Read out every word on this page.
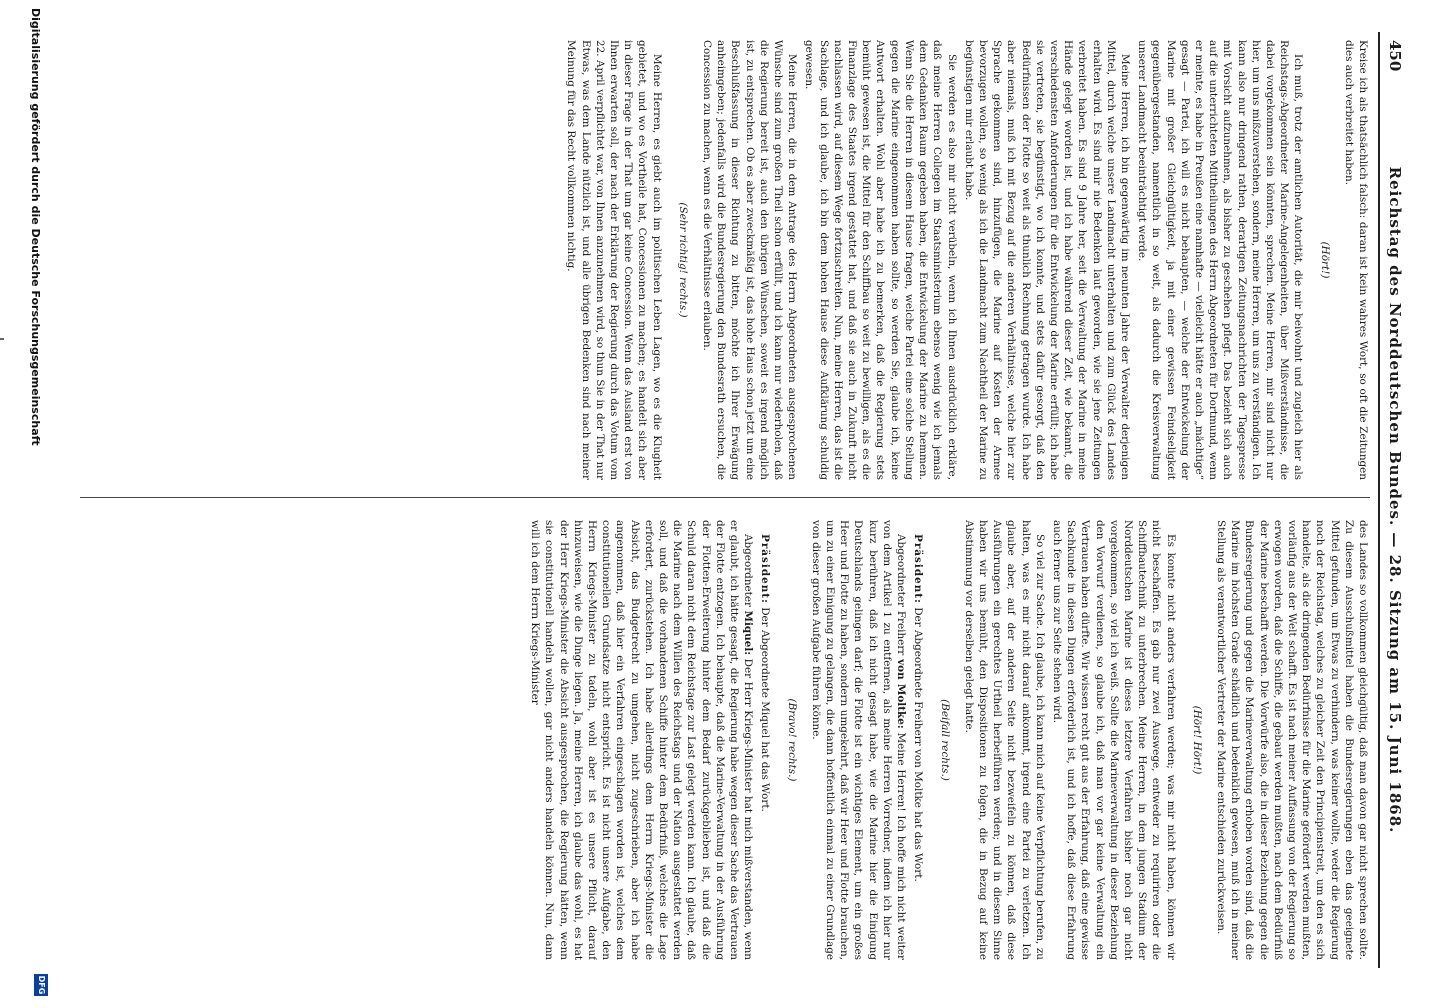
450
Reichstag des Norddeutschen Bundes. — 28. Sitzung am 15. Juni 1868.

Kreise ich als thatsächlich falsch: daran ist kein wahres Wort, so oft die Zeitungen dies auch verbreitet haben.

(Hört!)

Ich muß, trotz der amtlichen Autorität, die mir beiwohnt und zugleich hier als Reichstags-Abgeordneter Marine-Angelegenheiten, über Mißverständnisse, die dabei vorgekommen sein könnten, sprechen. Meine Herren, mir sind nicht nur hier, um uns mißzuverstehen, sondern, meine Herren, um uns zu verständigen. Ich kann also nur dringend rathen, derartigen Zeitungsnachrichten der Tagespresse mit Vorsicht aufzunehmen, als bisher zu geschehen pflegt. Das bezieht sich auch auf die unterrichteten Mittheilungen des Herrn Abgeordneten für Dortmund, wenn er meinte, es habe in Preußen eine namhafte — vielleicht hätte er auch „mächtige“ gesagt — Partei, ich will es nicht behaupten, — welche der Entwickelung der Marine mit großer Gleichgültigkeit, ja mit einer gewissen Feindseligkeit gegenübergestanden, namentlich in so weit, als dadurch die Kreisverwaltung unserer Landmacht beeinträchtigt werde.

Meine Herren, ich bin gegenwärtig im neunten Jahre der Verwalter derjenigen Mittel, durch welche unsere Landmacht unterhalten und zum Glück des Landes erhalten wird. Es sind mir nie Bedenken laut geworden, wie sie jene Zeitungen verbreitet haben. Es sind 9 Jahre her, seit die Verwaltung der Marine in meine Hände gelegt worden ist, und ich habe während dieser Zeit, wie bekannt, die verschiedensten Anforderungen für die Entwickelung der Marine erfüllt; ich habe sie vertreten, sie begünstigt, wo ich konnte, und stets dafür gesorgt, daß den Bedürfnissen der Flotte so weit als thunlich Rechnung getragen wurde. Ich habe aber niemals, muß ich mit Bezug auf die anderen Verhältnisse, welche hier zur Sprache gekommen sind, hinzufügen, die Marine auf Kosten der Armee bevorzugen wollen, so wenig als ich die Landmacht zum Nachtheil der Marine zu begünstigen mir erlaubt habe.

Sie werden es also mir nicht verübeln, wenn ich Ihnen ausdrücklich erkläre, daß meine Herren Collegen im Staatsministerium ebenso wenig wie ich jemals dem Gedanken Raum gegeben haben, die Entwickelung der Marine zu hemmen. Wenn Sie die Herren in diesem Hause fragen, welche Partei eine solche Stellung gegen die Marine eingenommen haben sollte, so werden Sie, glaube ich, keine Antwort erhalten. Wohl aber habe ich zu bemerken, daß die Regierung stets bemüht gewesen ist, die Mittel für den Schiffbau so weit zu bewilligen, als es die Finanzlage des Staates irgend gestattet hat, und daß sie auch in Zukunft nicht nachlassen wird, auf diesem Wege fortzuschreiten. Nun, meine Herren, das ist die Sachlage, und ich glaube, ich bin dem hohen Hause diese Aufklärung schuldig gewesen.

Meine Herren, die in dem Antrage des Herrn Abgeordneten ausgesprochenen Wünsche sind zum großen Theil schon erfüllt, und ich kann nur wiederholen, daß die Regierung bereit ist, auch den übrigen Wünschen, soweit es irgend möglich ist, zu entsprechen. Ob es aber zweckmäßig ist, das hohe Haus schon jetzt um eine Beschlußfassung in dieser Richtung zu bitten, möchte ich Ihrer Erwägung anheimgeben; jedenfalls wird die Bundesregierung den Bundesrath ersuchen, die Concession zu machen, wenn es die Verhältnisse erlauben.

(Sehr richtig! rechts.)

Meine Herren, es giebt auch im politischen Leben Lagen, wo es die Klugheit gebietet, und wo es Vortheile hat, Concessionen zu machen; es handelt sich aber in dieser Frage in der That um gar keine Concession. Wenn das Ausland erst von Ihnen erwarten soll, der nach der Erklärung der Regierung durch das Votum vom 22. April verpflichtet war, von Ihnen anzunehmen wird, so thun Sie in der That nur Etwas, was dem Lande nützlich ist, und alle übrigen Bedenken sind nach meiner Meinung für das Recht vollkommen nichtig.

des Landes so vollkommen gleichgültig, daß man davon gar nicht sprechen sollte. Zu diesem Ausschußmittel haben die Bundesregierungen eben das geeignete Mittel gefunden, um Etwas zu verhindern, was keiner wollte, weder die Regierung noch der Reichstag, welches zu gleicher Zeit den Principienstreit, um den es sich handelte, als die dringenden Bedürfnisse für die Marine gefördert werden mußten, vorläufig aus der Welt schafft. Es ist nach meiner Auffassung von der Regierung so erwogen worden, daß die Schiffe, die gebaut werden mußten, nach dem Bedürfniß der Marine beschafft werden. Die Vorwürfe also, die in dieser Beziehung gegen die Bundesregierung und gegen die Marineverwaltung erhoben worden sind, daß die Marine im höchsten Grade schädlich und bedenklich gewesen, muß ich in meiner Stellung als verantwortlicher Vertreter der Marine entschieden zurückweisen.

(Hört! Hört!)

Es konnte nicht anders verfahren werden; was mir nicht haben, können wir nicht beschaffen. Es gab nur zwei Auswege, entweder zu requiriren oder die Schiffbautechnik zu unterbrechen. Meine Herren, in dem jungen Stadium der Norddeutschen Marine ist dieses letztere Verfahren bisher noch gar nicht vorgekommen, so viel ich weiß. Sollte die Marineverwaltung in dieser Beziehung den Vorwurf verdienen, so glaube ich, daß man vor gar keine Verwaltung ein Vertrauen haben dürfte. Wir wissen recht gut aus der Erfahrung, daß eine gewisse Sachkunde in diesen Dingen erforderlich ist, und ich hoffe, daß diese Erfahrung auch ferner uns zur Seite stehen wird.

So viel zur Sache. Ich glaube, ich kann mich auf keine Verpflichtung berufen, zu halten, was es mir nicht darauf ankommt, irgend eine Partei zu verletzen. Ich glaube aber, auf der anderen Seite nicht bezweifeln zu können, daß diese Ausführungen ein gerechtes Urtheil herbeiführen werden; und in diesem Sinne haben wir uns bemüht, den Dispositionen zu folgen, die in Bezug auf keine Abstimmung vor derselben gelegt hatte.

(Beifall rechts.)

Präsident: Der Abgeordnete Freiherr von Moltke hat das Wort.

Abgeordneter Freiherr von Moltke: Meine Herren! Ich hoffe mich nicht weiter von dem Artikel 1 zu entfernen, als meine Herren Vorredner, indem ich hier nur kurz berühren, daß ich nicht gesagt habe, wie die Marine hier die Einigung Deutschlands gelingen darf; die Flotte ist ein wichtiges Element, um ein großes Heer und Flotte zu haben, sondern umgekehrt, daß wir Heer und Flotte brauchen, um zu einer Einigung zu gelangen, die dann hoffentlich einmal zu einer Grundlage von dieser großen Aufgabe führen könne.

(Bravo! rechts.)

Präsident: Der Abgeordnete Miquel hat das Wort.

Abgeordneter Miquel: Der Herr Kriegs-Minister hat mich mißverstanden, wenn er glaubt, ich hätte gesagt, die Regierung habe wegen dieser Sache das Vertrauen der Flotte entzogen. Ich behaupte, daß die Marine-Verwaltung in der Ausführung der Flotten-Erweiterung hinter dem Bedarf zurückgeblieben ist, und daß die Schuld daran nicht dem Reichstage zur Last gelegt werden kann. Ich glaube, daß die Marine nach dem Willen des Reichstags und der Nation ausgestattet werden soll, und daß die vorhandenen Schiffe hinter dem Bedürfniß, welches die Lage erfordert, zurückstehen. Ich habe allerdings dem Herrn Kriegs-Minister die Absicht, das Budgetrecht zu umgehen, nicht zugeschrieben, aber ich habe angenommen, daß hier ein Verfahren eingeschlagen worden ist, welches dem constitutionellen Grundsatze nicht entspricht. Es ist nicht unsere Aufgabe, den Herrn Kriegs-Minister zu tadeln, wohl aber ist es unsere Pflicht, darauf hinzuweisen, wie die Dinge liegen. Ja, meine Herren, ich glaube das wohl, es hat der Herr Kriegs-Minister die Absicht ausgesprochen, die Regierung hätten, wenn sie constitutionell handeln wollen, gar nicht anders handeln können. Nun, dann will ich dem Herrn Kriegs-Minister

Digitalisierung gefördert durch die Deutsche Forschungsgemeinschaft
DFG
